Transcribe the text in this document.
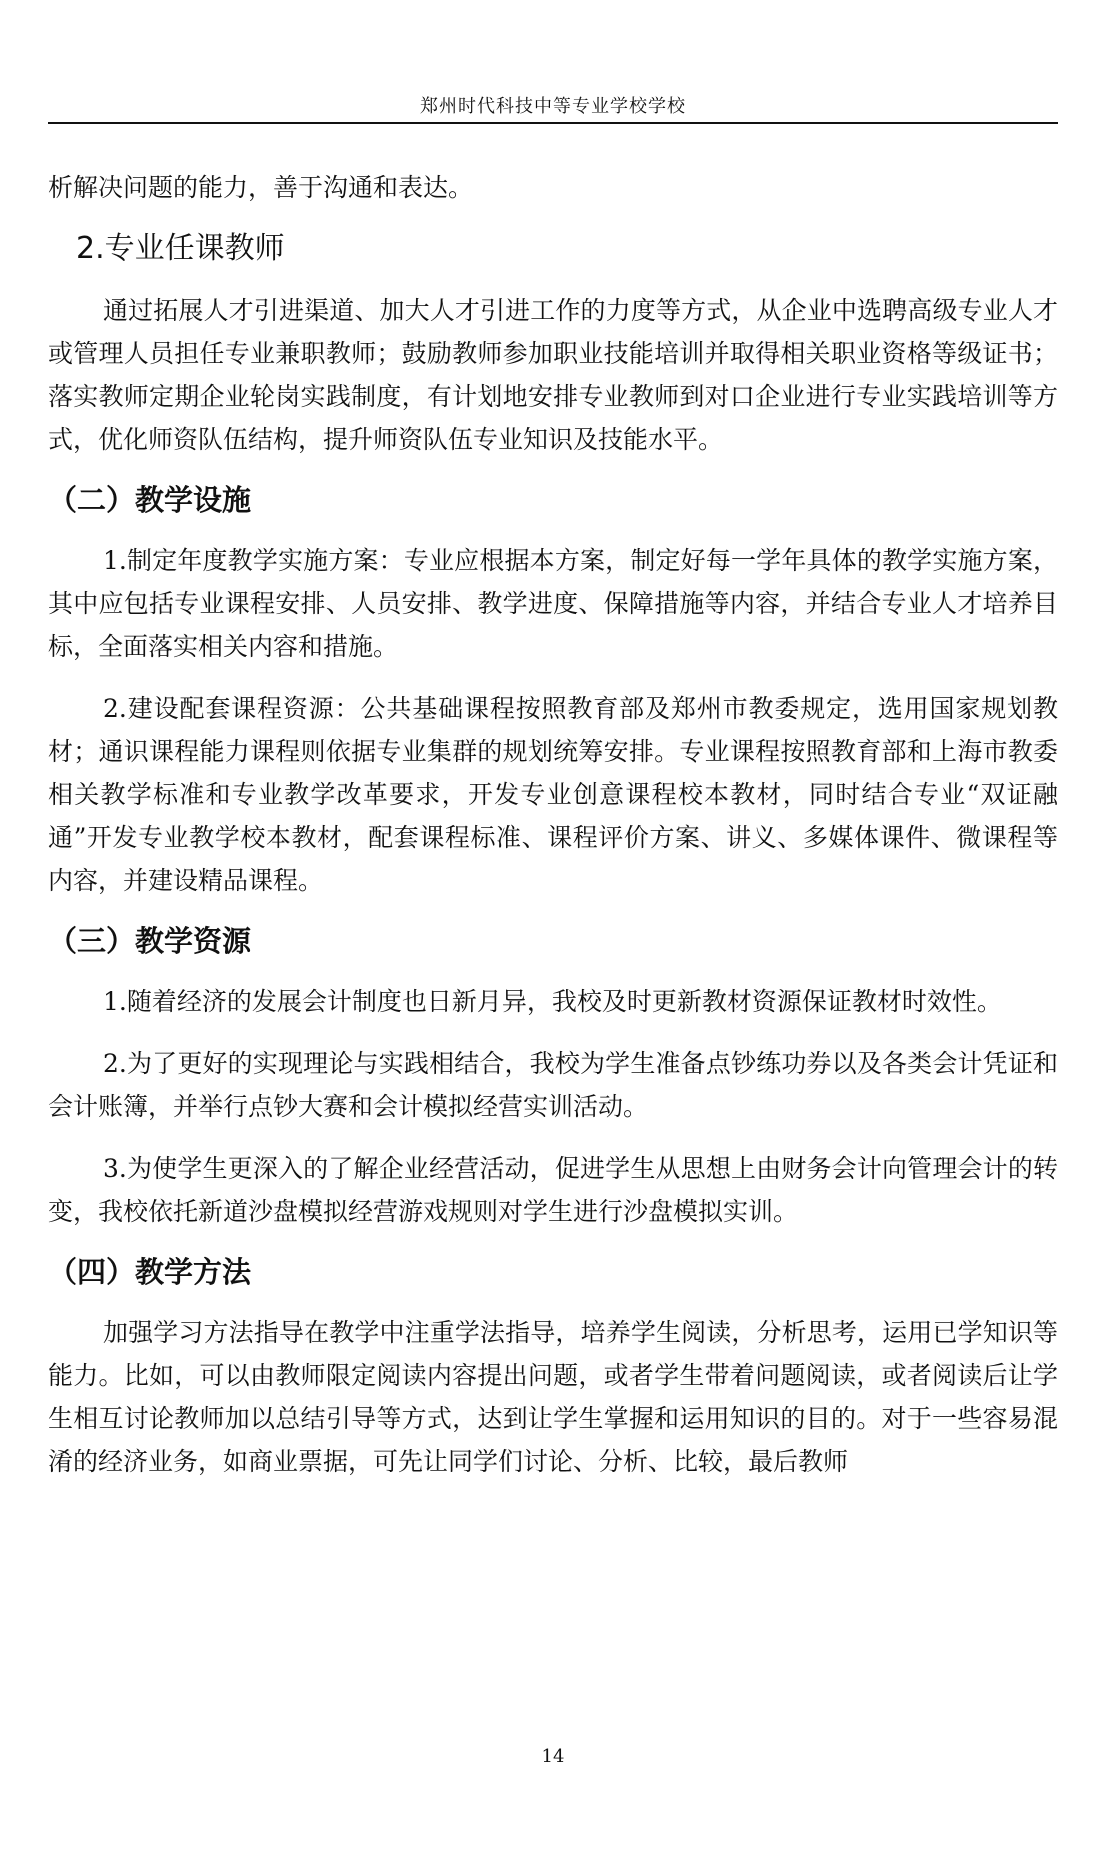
郑州时代科技中等专业学校学校

析解决问题的能力，善于沟通和表达。

2.专业任课教师

通过拓展人才引进渠道、加大人才引进工作的力度等方式，从企业中选聘高级专业人才或管理人员担任专业兼职教师；鼓励教师参加职业技能培训并取得相关职业资格等级证书；落实教师定期企业轮岗实践制度，有计划地安排专业教师到对口企业进行专业实践培训等方式，优化师资队伍结构，提升师资队伍专业知识及技能水平。

（二）教学设施

1.制定年度教学实施方案：专业应根据本方案，制定好每一学年具体的教学实施方案，其中应包括专业课程安排、人员安排、教学进度、保障措施等内容，并结合专业人才培养目标，全面落实相关内容和措施。

2.建设配套课程资源：公共基础课程按照教育部及郑州市教委规定，选用国家规划教材；通识课程能力课程则依据专业集群的规划统筹安排。专业课程按照教育部和上海市教委相关教学标准和专业教学改革要求，开发专业创意课程校本教材，同时结合专业“双证融通”开发专业教学校本教材，配套课程标准、课程评价方案、讲义、多媒体课件、微课程等内容，并建设精品课程。

（三）教学资源

1.随着经济的发展会计制度也日新月异，我校及时更新教材资源保证教材时效性。

2.为了更好的实现理论与实践相结合，我校为学生准备点钞练功券以及各类会计凭证和会计账簿，并举行点钞大赛和会计模拟经营实训活动。

3.为使学生更深入的了解企业经营活动，促进学生从思想上由财务会计向管理会计的转变，我校依托新道沙盘模拟经营游戏规则对学生进行沙盘模拟实训。

（四）教学方法

加强学习方法指导在教学中注重学法指导，培养学生阅读，分析思考，运用已学知识等能力。比如，可以由教师限定阅读内容提出问题，或者学生带着问题阅读，或者阅读后让学生相互讨论教师加以总结引导等方式，达到让学生掌握和运用知识的目的。对于一些容易混淆的经济业务，如商业票据，可先让同学们讨论、分析、比较，最后教师

14
